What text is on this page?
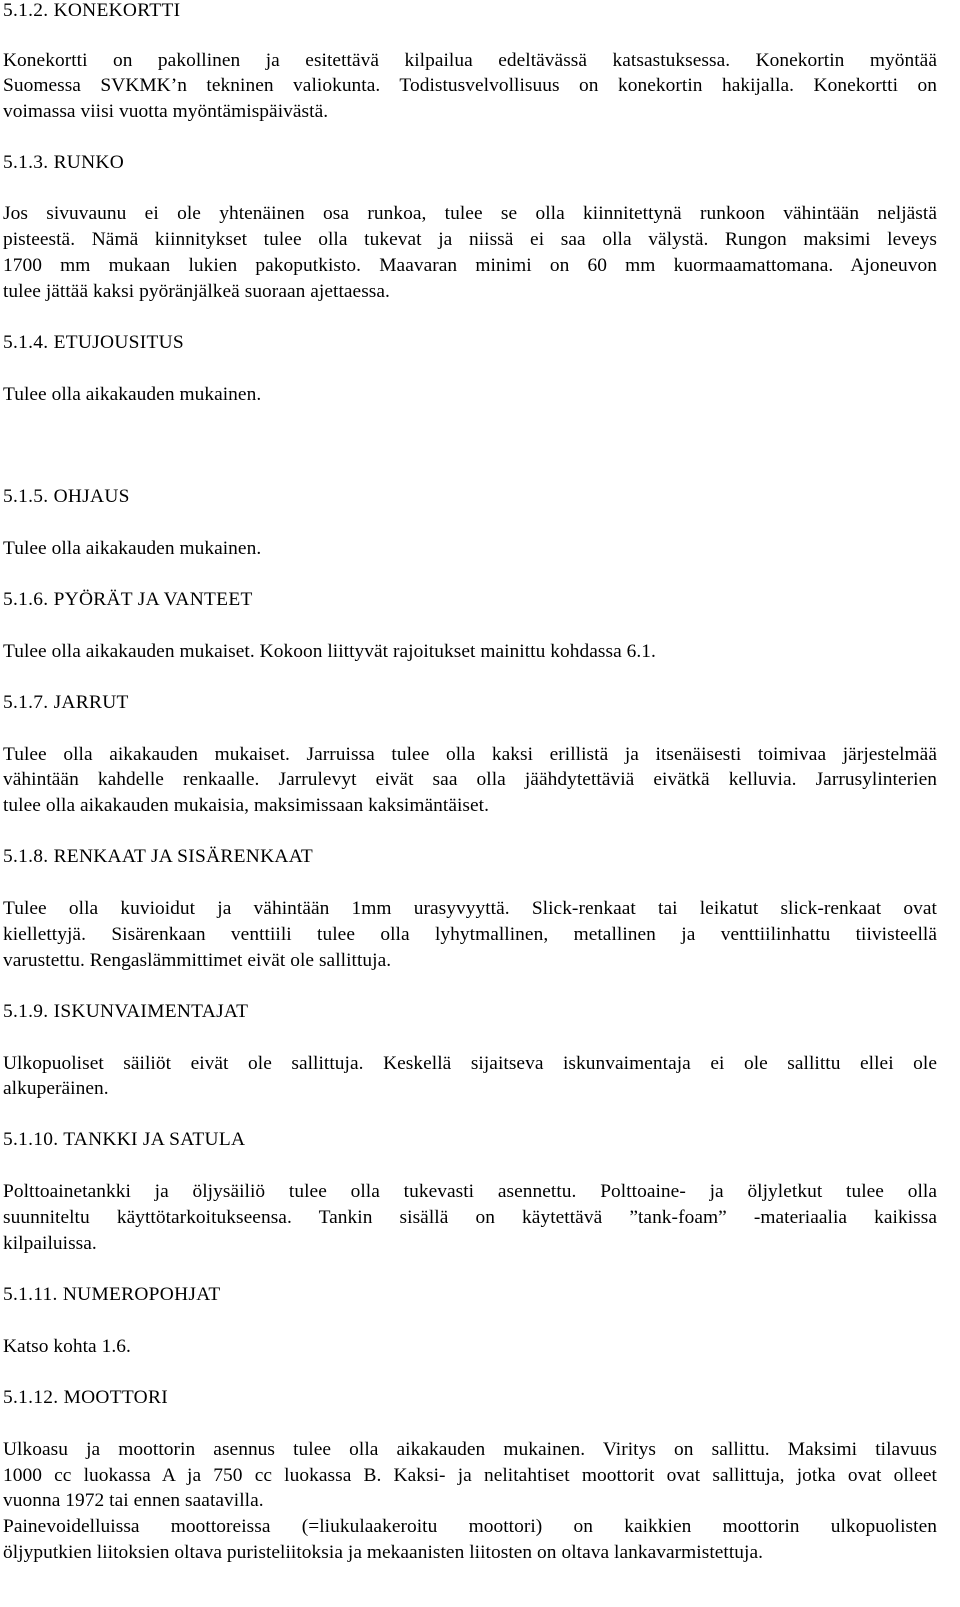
5.1.2. KONEKORTTI
Konekortti on pakollinen ja esitettävä kilpailua edeltävässä katsastuksessa. Konekortin myöntää
Suomessa SVKMK’n tekninen valiokunta. Todistusvelvollisuus on konekortin hakijalla. Konekortti on
voimassa viisi vuotta myöntämispäivästä.
5.1.3. RUNKO
Jos sivuvaunu ei ole yhtenäinen osa runkoa, tulee se olla kiinnitettynä runkoon vähintään neljästä
pisteestä. Nämä kiinnitykset tulee olla tukevat ja niissä ei saa olla välystä. Rungon maksimi leveys
1700 mm mukaan lukien pakoputkisto. Maavaran minimi on 60 mm kuormaamattomana. Ajoneuvon
tulee jättää kaksi pyöränjälkeä suoraan ajettaessa.
5.1.4. ETUJOUSITUS
Tulee olla aikakauden mukainen.
5.1.5. OHJAUS
Tulee olla aikakauden mukainen.
5.1.6. PYÖRÄT JA VANTEET
Tulee olla aikakauden mukaiset. Kokoon liittyvät rajoitukset mainittu kohdassa 6.1.
5.1.7. JARRUT
Tulee olla aikakauden mukaiset. Jarruissa tulee olla kaksi erillistä ja itsenäisesti toimivaa järjestelmää
vähintään kahdelle renkaalle. Jarrulevyt eivät saa olla jäähdytettäviä eivätkä kelluvia. Jarrusylinterien
tulee olla aikakauden mukaisia, maksimissaan kaksimäntäiset.
5.1.8. RENKAAT JA SISÄRENKAAT
Tulee olla kuvioidut ja vähintään 1mm urasyvyyttä. Slick-renkaat tai leikatut slick-renkaat ovat
kiellettyjä. Sisärenkaan venttiili tulee olla lyhytmallinen, metallinen ja venttiilinhattu tiivisteellä
varustettu. Rengaslämmittimet eivät ole sallittuja.
5.1.9. ISKUNVAIMENTAJAT
Ulkopuoliset säiliöt eivät ole sallittuja. Keskellä sijaitseva iskunvaimentaja ei ole sallittu ellei ole
alkuperäinen.
5.1.10. TANKKI JA SATULA
Polttoainetankki ja öljysäiliö tulee olla tukevasti asennettu. Polttoaine- ja öljyletkut tulee olla
suunniteltu käyttötarkoitukseensa. Tankin sisällä on käytettävä ”tank-foam” -materiaalia kaikissa
kilpailuissa.
5.1.11. NUMEROPOHJAT
Katso kohta 1.6.
5.1.12. MOOTTORI
Ulkoasu ja moottorin asennus tulee olla aikakauden mukainen. Viritys on sallittu. Maksimi tilavuus
1000 cc luokassa A ja 750 cc luokassa B. Kaksi- ja nelitahtiset moottorit ovat sallittuja, jotka ovat olleet
vuonna 1972 tai ennen saatavilla.
Painevoidelluissa moottoreissa (=liukulaakeroitu moottori) on kaikkien moottorin ulkopuolisten
öljyputkien liitoksien oltava puristeliitoksia ja mekaanisten liitosten on oltava lankavarmistettuja.
